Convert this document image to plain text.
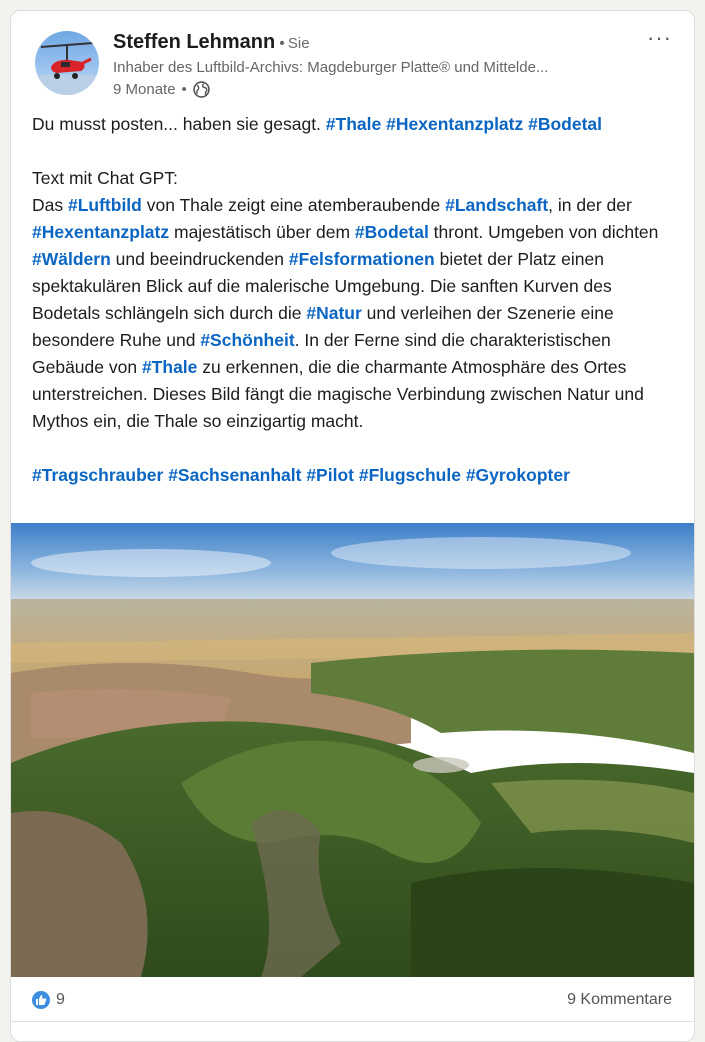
Steffen Lehmann • Sie
Inhaber des Luftbild-Archivs: Magdeburger Platte® und Mittelde...
9 Monate •
···

Du musst posten... haben sie gesagt. #Thale #Hexentanzplatz #Bodetal

Text mit Chat GPT:

Das #Luftbild von Thale zeigt eine atemberaubende #Landschaft, in der der #Hexentanzplatz majestätisch über dem #Bodetal thront. Umgeben von dichten #Wäldern und beeindruckenden #Felsformationen bietet der Platz einen spektakulären Blick auf die malerische Umgebung. Die sanften Kurven des Bodetals schlängeln sich durch die #Natur und verleihen der Szenerie eine besondere Ruhe und #Schönheit. In der Ferne sind die charakteristischen Gebäude von #Thale zu erkennen, die die charmante Atmosphäre des Ortes unterstreichen. Dieses Bild fängt die magische Verbindung zwischen Natur und Mythos ein, die Thale so einzigartig macht.

#Tragschrauber #Sachsenanhalt #Pilot #Flugschule #Gyrokopter

9	9 Kommentare
